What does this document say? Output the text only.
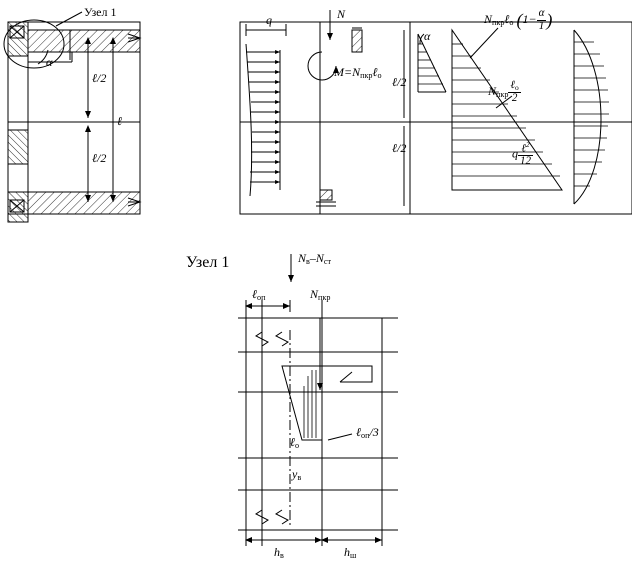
Узел 1
α
ℓ/2
ℓ/2
ℓ
q	N
$M=N_{пкр}\ell_о$ ℓ/2
ℓ/2
α
$N_{пкр}\ell_о$ ($1- \frac{\alpha}{1}$ )
$N_{пкр} \frac{\ell_о}{2}$
q $\frac{\ell^2}{12}$
Узел 1	$N_в-N_{ст}$
ℓ$_{оп}$	$N_{пкр}$
ℓ$_о$
ℓ$_{оп}$/3
$y_в$
$h_в$	$h_ш$
